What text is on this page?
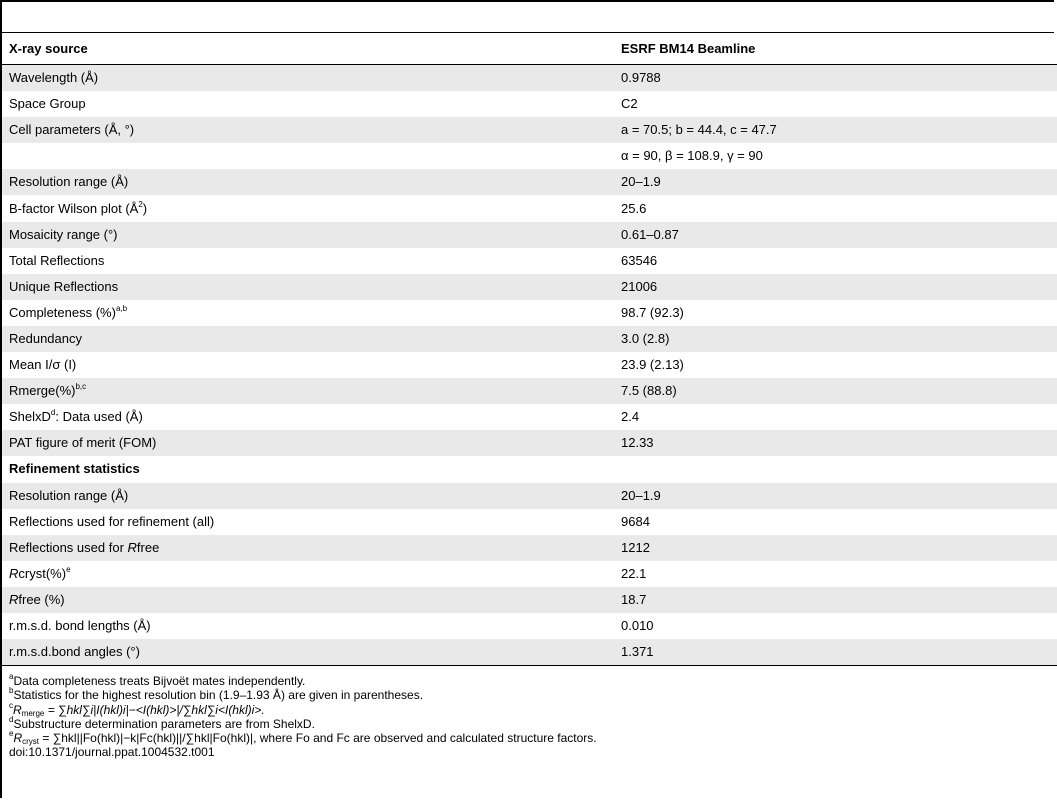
X-ray source	ESRF BM14 Beamline
Wavelength (Å)	0.9788
Space Group	C2
Cell parameters (Å, °)	a = 70.5; b = 44.4, c = 47.7
	α = 90, β = 108.9, γ = 90
Resolution range (Å)	20–1.9
B-factor Wilson plot $(Å^2)$	25.6
Mosaicity range (°)	0.61–0.87
Total Reflections	63546
Unique Reflections	21006
Completeness (%)$^{a,b}$	98.7 (92.3)
Redundancy	3.0 (2.8)
Mean I/σ (I)	23.9 (2.13)
Rmerge(%)$^{b,c}$	7.5 (88.8)
ShelxD$^d$: Data used (Å)	2.4
PAT figure of merit (FOM)	12.33
Refinement statistics	
Resolution range (Å)	20–1.9
Reflections used for refinement (all)	9684
Reflections used for Rfree	1212
Rcryst(%)$^e$	22.1
Rfree (%)	18.7
r.m.s.d. bond lengths (Å)	0.010
r.m.s.d.bond angles (°)	1.371
$^a$Data completeness treats Bijvoët mates independently.
$^b$Statistics for the highest resolution bin (1.9–1.93 Å) are given in parentheses.
$^cR_{merge} = \sum hkl\sum i|I(hkl)i|-<I(hkl)>|/\sum hkl\sum i<I(hkl)i>$.
$^d$Substructure determination parameters are from ShelxD.
$^eR_{cryst} = \sum hkl||Fo(hkl)|-k|Fc(hkl)||/\sum hkl|Fo(hkl)|$, where Fo and Fc are observed and calculated structure factors.
doi:10.1371/journal.ppat.1004532.t001
